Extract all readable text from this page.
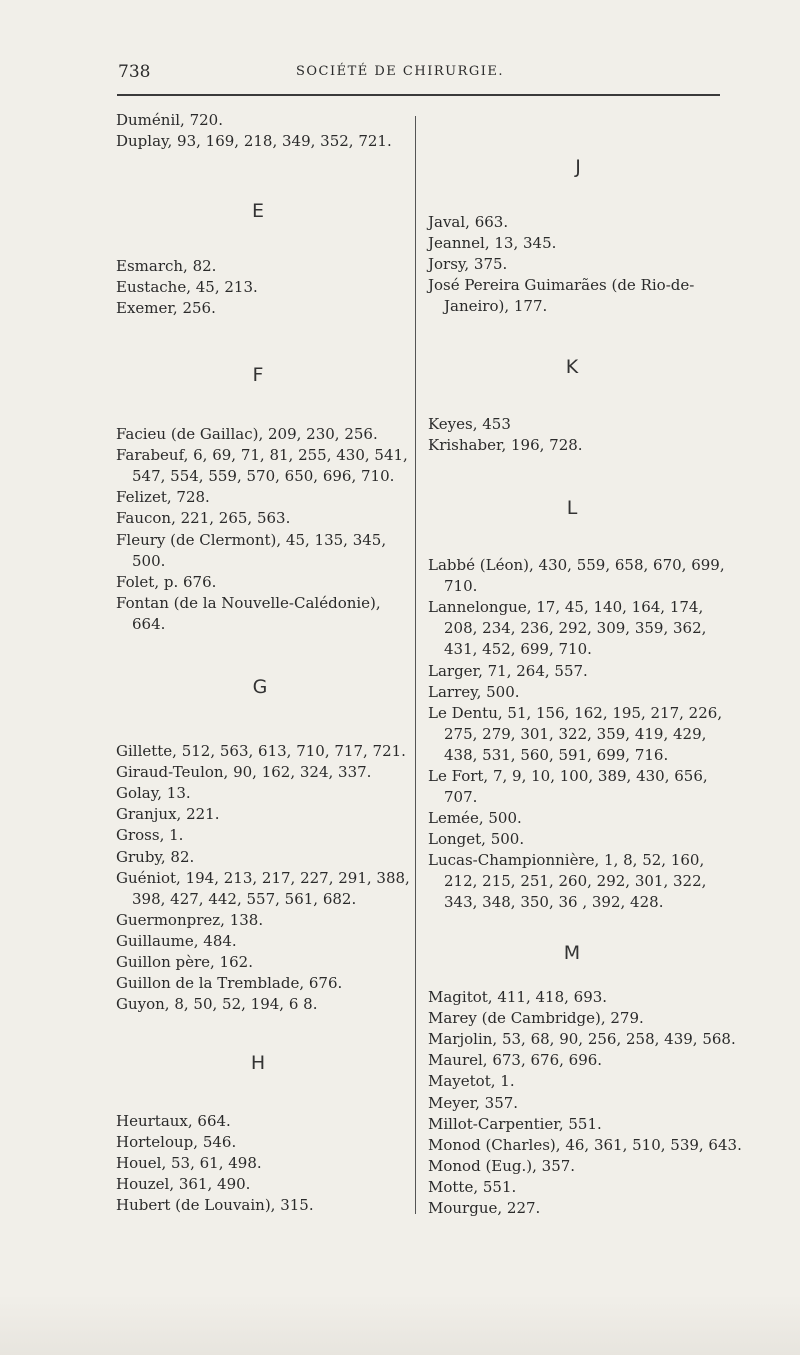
738	SOCIÉTÉ DE CHIRURGIE.

Duménil, 720.

Duplay, 93, 169, 218, 349, 352, 721.

E

Esmarch, 82.

Eustache, 45, 213.

Exemer, 256.

F

Facieu (de Gaillac), 209, 230, 256.

Farabeuf, 6, 69, 71, 81, 255, 430, 541,
547, 554, 559, 570, 650, 696, 710.

Felizet, 728.

Faucon, 221, 265, 563.

Fleury (de Clermont), 45, 135, 345,
500.

Folet, p. 676.

Fontan (de la Nouvelle-Calédonie),
664.

G

Gillette, 512, 563, 613, 710, 717, 721.

Giraud-Teulon, 90, 162, 324, 337.

Golay, 13.

Granjux, 221.

Gross, 1.

Gruby, 82.

Guéniot, 194, 213, 217, 227, 291, 388,
398, 427, 442, 557, 561, 682.

Guermonprez, 138.

Guillaume, 484.

Guillon père, 162.

Guillon de la Tremblade, 676.

Guyon, 8, 50, 52, 194, 6 8.

H

Heurtaux, 664.

Horteloup, 546.

Houel, 53, 61, 498.

Houzel, 361, 490.

Hubert (de Louvain), 315.

J

Javal, 663.

Jeannel, 13, 345.

Jorsy, 375.

José Pereira Guimarães (de Rio-de-
Janeiro), 177.

K

Keyes, 453

Krishaber, 196, 728.

L

Labbé (Léon), 430, 559, 658, 670, 699,
710.

Lannelongue, 17, 45, 140, 164, 174,
208, 234, 236, 292, 309, 359, 362,
431, 452, 699, 710.

Larger, 71, 264, 557.

Larrey, 500.

Le Dentu, 51, 156, 162, 195, 217, 226,
275, 279, 301, 322, 359, 419, 429,
438, 531, 560, 591, 699, 716.

Le Fort, 7, 9, 10, 100, 389, 430, 656,
707.

Lemée, 500.

Longet, 500.

Lucas-Championnière, 1, 8, 52, 160,
212, 215, 251, 260, 292, 301, 322,
343, 348, 350, 36 , 392, 428.

M

Magitot, 411, 418, 693.

Marey (de Cambridge), 279.

Marjolin, 53, 68, 90, 256, 258, 439, 568.

Maurel, 673, 676, 696.

Mayetot, 1.

Meyer, 357.

Millot-Carpentier, 551.

Monod (Charles), 46, 361, 510, 539, 643.

Monod (Eug.), 357.

Motte, 551.

Mourgue, 227.
